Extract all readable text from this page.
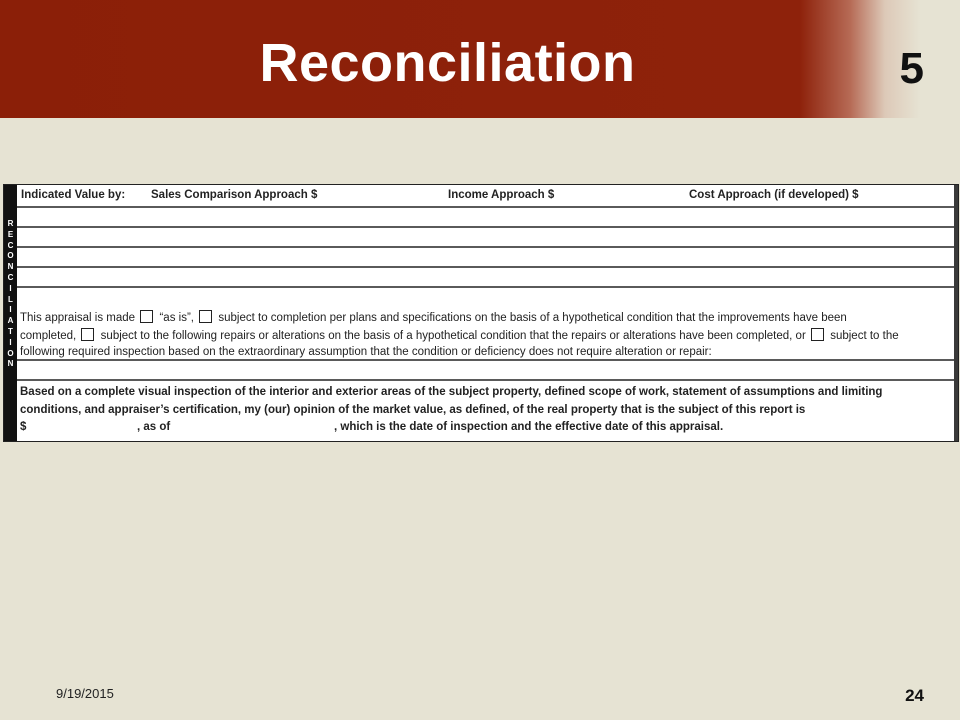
Reconciliation	5
R
E
C
O
N
C
I
L
I
A
T
I
O
N
Indicated Value by: Sales Comparison Approach $	Income Approach $	Cost Approach (if developed) $
This appraisal is made “as is”, subject to completion per plans and specifications on the basis of a hypothetical condition that the improvements have been
completed, subject to the following repairs or alterations on the basis of a hypothetical condition that the repairs or alterations have been completed, or subject to the
following required inspection based on the extraordinary assumption that the condition or deficiency does not require alteration or repair:
Based on a complete visual inspection of the interior and exterior areas of the subject property, defined scope of work, statement of assumptions and limiting
conditions, and appraiser’s certification, my (our) opinion of the market value, as defined, of the real property that is the subject of this report is
$	, as of	, which is the date of inspection and the effective date of this appraisal.
9/19/2015	24
